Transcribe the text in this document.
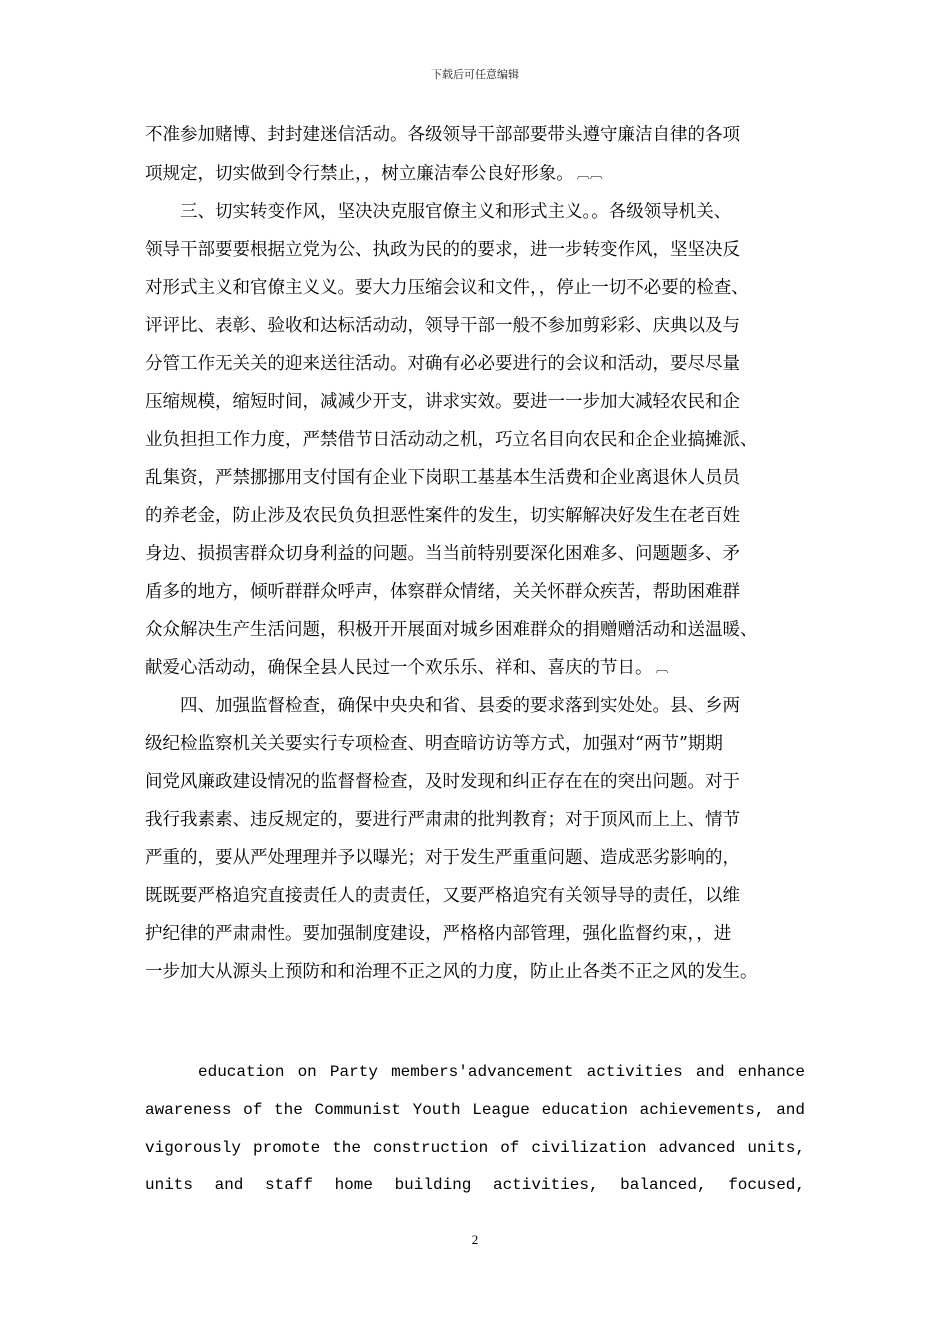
下载后可任意编辑
不准参加赌博、封封建迷信活动。各级领导干部部要带头遵守廉洁自律的各项
项规定，切实做到令行禁止，，树立廉洁奉公良好形象。 ︹︹
三、切实转变作风，坚决决克服官僚主义和形式主义。。各级领导机关、
领导干部要要根据立党为公、执政为民的的要求，进一步转变作风，坚坚决反
对形式主义和官僚主义义。要大力压缩会议和文件，，停止一切不必要的检查、
评评比、表彰、验收和达标活动动，领导干部一般不参加剪彩彩、庆典以及与
分管工作无关关的迎来送往活动。对确有必必要进行的会议和活动，要尽尽量
压缩规模，缩短时间，减减少开支，讲求实效。要进一一步加大减轻农民和企
业负担担工作力度，严禁借节日活动动之机，巧立名目向农民和企企业搞摊派、
乱集资，严禁挪挪用支付国有企业下岗职工基基本生活费和企业离退休人员员
的养老金，防止涉及农民负负担恶性案件的发生，切实解解决好发生在老百姓
身边、损损害群众切身利益的问题。当当前特别要深化困难多、问题题多、矛
盾多的地方，倾听群群众呼声，体察群众情绪，关关怀群众疾苦，帮助困难群
众众解决生产生活问题，积极开开展面对城乡困难群众的捐赠赠活动和送温暖、
献爱心活动动，确保全县人民过一个欢乐乐、祥和、喜庆的节日。 ︹
四、加强监督检查，确保中央央和省、县委的要求落到实处处。县、乡两
级纪检监察机关关要实行专项检查、明查暗访访等方式，加强对“两节”期期
间党风廉政建设情况的监督督检查，及时发现和纠正存在在的突出问题。对于
我行我素素、违反规定的，要进行严肃肃的批判教育；对于顶风而上上、情节
严重的，要从严处理理并予以曝光；对于发生严重重问题、造成恶劣影响的，
既既要严格追究直接责任人的责责任，又要严格追究有关领导导的责任，以维
护纪律的严肃肃性。要加强制度建设，严格格内部管理，强化监督约束，，进
一步加大从源头上预防和和治理不正之风的力度，防止止各类不正之风的发生。
education on Party members'advancement activities and enhance
awareness of the Communist Youth League education achievements, and
vigorously promote the construction of civilization advanced units,
units and staff home building activities, balanced, focused,
2
